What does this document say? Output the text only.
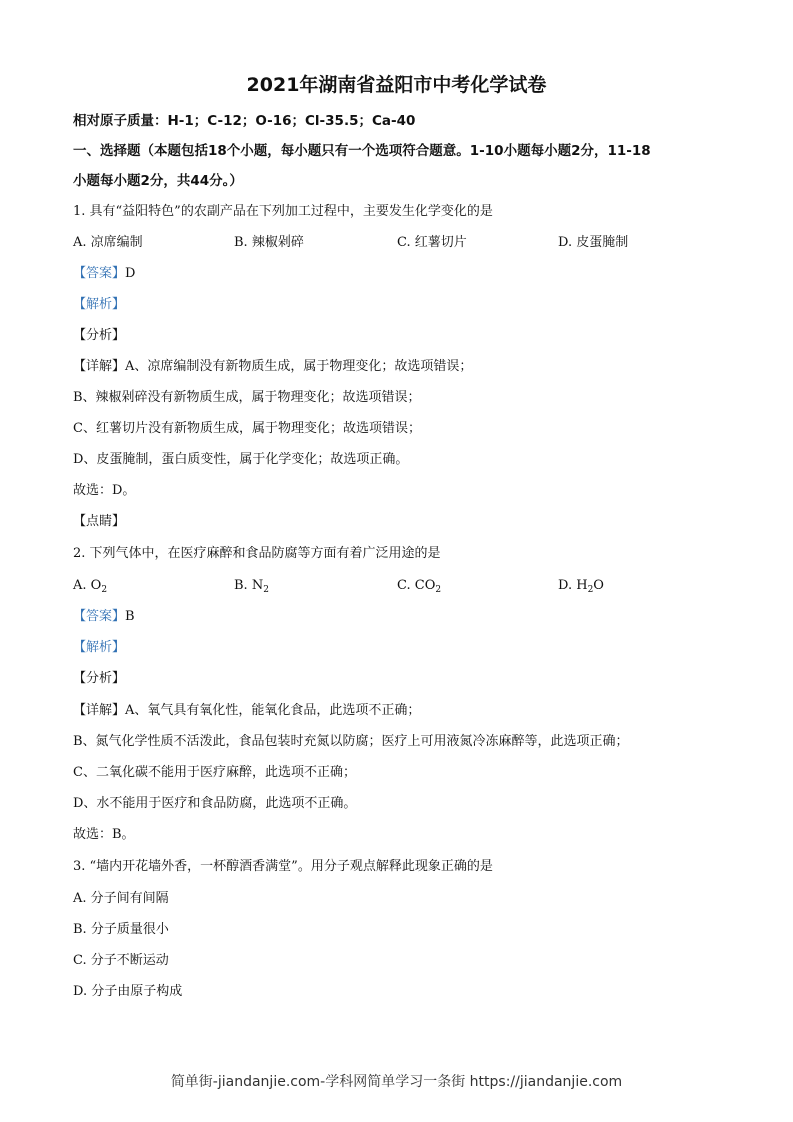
2021年湖南省益阳市中考化学试卷
相对原子质量：H-1；C-12；O-16；Cl-35.5；Ca-40
一、选择题（本题包括18个小题，每小题只有一个选项符合题意。1-10小题每小题2分，11-18
小题每小题2分，共44分。）
1. 具有“益阳特色”的农副产品在下列加工过程中，主要发生化学变化的是
A. 凉席编制	B. 辣椒剁碎	C. 红薯切片	D. 皮蛋腌制
【答案】D
【解析】
【分析】
【详解】A、凉席编制没有新物质生成，属于物理变化；故选项错误；
B、辣椒剁碎没有新物质生成，属于物理变化；故选项错误；
C、红薯切片没有新物质生成，属于物理变化；故选项错误；
D、皮蛋腌制，蛋白质变性，属于化学变化；故选项正确。
故选：D。
【点睛】
2. 下列气体中，在医疗麻醉和食品防腐等方面有着广泛用途的是
A. $O_2$	B. $N_2$	C. $CO_2$	D. $H_2O$
【答案】B
【解析】
【分析】
【详解】A、氧气具有氧化性，能氧化食品，此选项不正确；
B、氮气化学性质不活泼此，食品包装时充氮以防腐；医疗上可用液氮冷冻麻醉等，此选项正确；
C、二氧化碳不能用于医疗麻醉，此选项不正确；
D、水不能用于医疗和食品防腐，此选项不正确。
故选：B。
3. “墙内开花墙外香，一杯醇酒香满堂”。用分子观点解释此现象正确的是
A. 分子间有间隔
B. 分子质量很小
C. 分子不断运动
D. 分子由原子构成
简单街-jiandanjie.com-学科网简单学习一条街 https://jiandanjie.com
